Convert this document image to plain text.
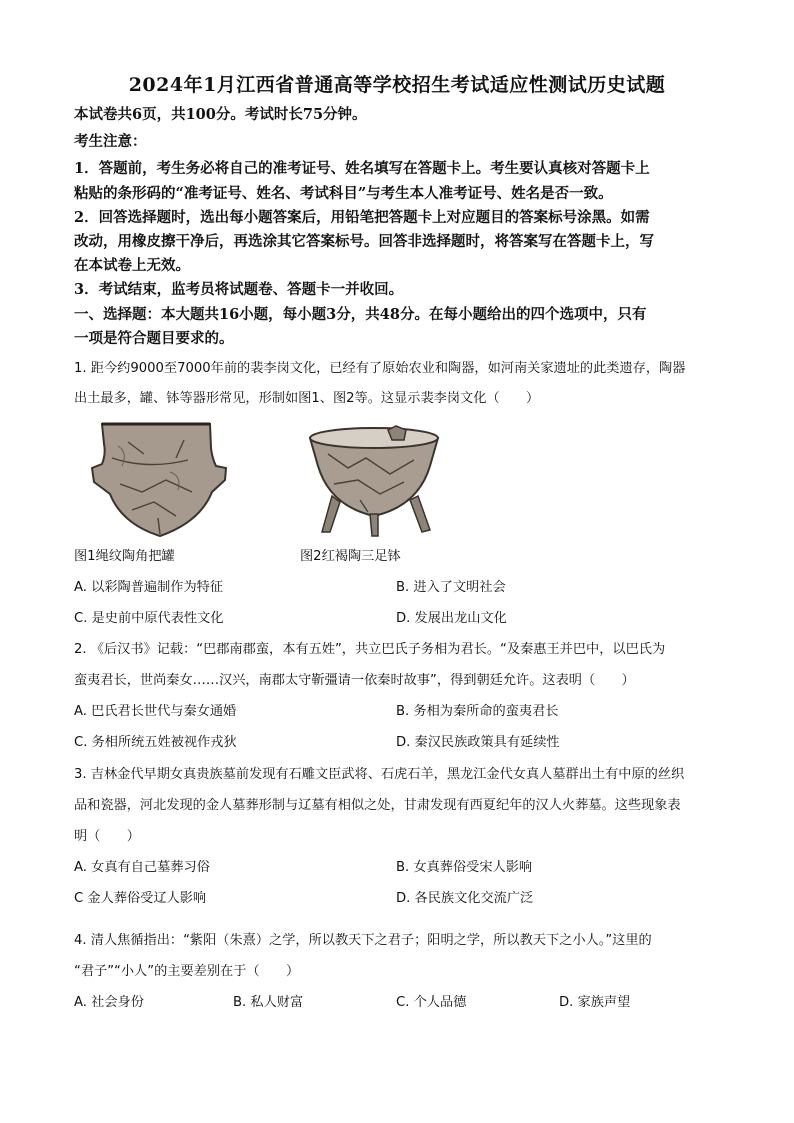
2024年1月江西省普通高等学校招生考试适应性测试历史试题
本试卷共6页，共100分。考试时长75分钟。
考生注意：
1．答题前，考生务必将自己的准考证号、姓名填写在答题卡上。考生要认真核对答题卡上
粘贴的条形码的“准考证号、姓名、考试科目”与考生本人准考证号、姓名是否一致。
2．回答选择题时，选出每小题答案后，用铅笔把答题卡上对应题目的答案标号涂黑。如需
改动，用橡皮擦干净后，再选涂其它答案标号。回答非选择题时，将答案写在答题卡上，写
在本试卷上无效。
3．考试结束，监考员将试题卷、答题卡一并收回。
一、选择题：本大题共16小题，每小题3分，共48分。在每小题给出的四个选项中，只有
一项是符合题目要求的。
1. 距今约9000至7000年前的裴李岗文化，已经有了原始农业和陶器，如河南关家遗址的此类遗存，陶器
出土最多，罐、钵等器形常见，形制如图1、图2等。这显示裴李岗文化（　　）
图1绳纹陶角把罐	图2红褐陶三足钵
A. 以彩陶普遍制作为特征	B. 进入了文明社会
C. 是史前中原代表性文化	D. 发展出龙山文化
2. 《后汉书》记载：“巴郡南郡蛮，本有五姓”，共立巴氏子务相为君长。“及秦惠王并巴中，以巴氏为
蛮夷君长，世尚秦女……汉兴，南郡太守靳彊请一依秦时故事”，得到朝廷允许。这表明（　　）
A. 巴氏君长世代与秦女通婚	B. 务相为秦所命的蛮夷君长
C. 务相所统五姓被视作戎狄	D. 秦汉民族政策具有延续性
3. 吉林金代早期女真贵族墓前发现有石雕文臣武将、石虎石羊，黑龙江金代女真人墓群出土有中原的丝织
品和瓷器，河北发现的金人墓葬形制与辽墓有相似之处，甘肃发现有西夏纪年的汉人火葬墓。这些现象表
明（　　）
A. 女真有自己墓葬习俗	B. 女真葬俗受宋人影响
C 金人葬俗受辽人影响	D. 各民族文化交流广泛
4. 清人焦循指出：“紫阳（朱熹）之学，所以教天下之君子；阳明之学，所以教天下之小人。”这里的
“君子”“小人”的主要差别在于（　　）
A. 社会身份	B. 私人财富	C. 个人品德	D. 家族声望
